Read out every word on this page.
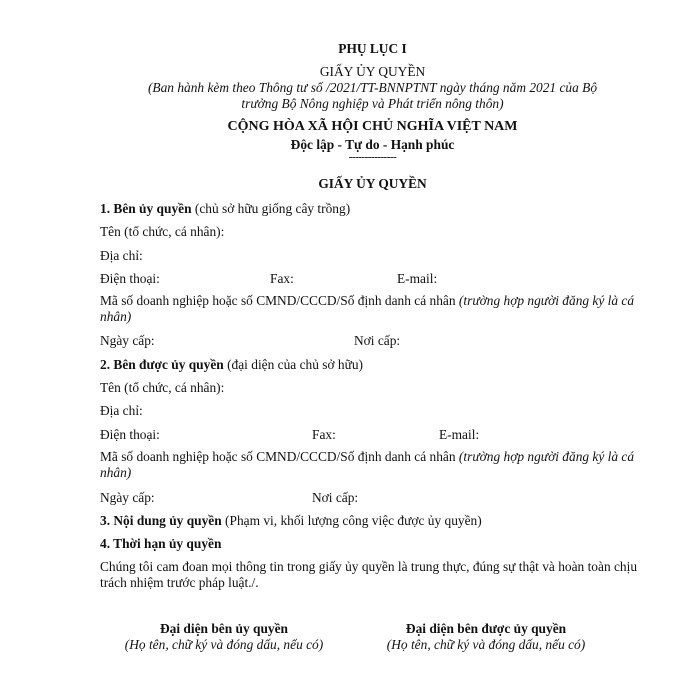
PHỤ LỤC I
GIẤY ỦY QUYỀN
(Ban hành kèm theo Thông tư số /2021/TT-BNNPTNT ngày tháng năm 2021 của Bộ
trưởng Bộ Nông nghiệp và Phát triển nông thôn)
CỘNG HÒA XÃ HỘI CHỦ NGHĨA VIỆT NAM
Độc lập - Tự do - Hạnh phúc
---------------
GIẤY ỦY QUYỀN
1. Bên ủy quyền (chủ sở hữu giống cây trồng)
Tên (tổ chức, cá nhân):
Địa chỉ:
Điện thoại:	Fax:	E-mail:
Mã số doanh nghiệp hoặc số CMND/CCCD/Số định danh cá nhân (trường hợp người đăng ký là cá nhân)
Ngày cấp:	Nơi cấp:
2. Bên được ủy quyền (đại diện của chủ sở hữu)
Tên (tổ chức, cá nhân):
Địa chỉ:
Điện thoại:	Fax:	E-mail:
Mã số doanh nghiệp hoặc số CMND/CCCD/Số định danh cá nhân (trường hợp người đăng ký là cá nhân)
Ngày cấp:	Nơi cấp:
3. Nội dung ủy quyền (Phạm vi, khối lượng công việc được ủy quyền)
4. Thời hạn ủy quyền
Chúng tôi cam đoan mọi thông tin trong giấy ủy quyền là trung thực, đúng sự thật và hoàn toàn chịu trách nhiệm trước pháp luật./.
Đại diện bên ủy quyền
(Họ tên, chữ ký và đóng dấu, nếu có)
Đại diện bên được ủy quyền
(Họ tên, chữ ký và đóng dấu, nếu có)
